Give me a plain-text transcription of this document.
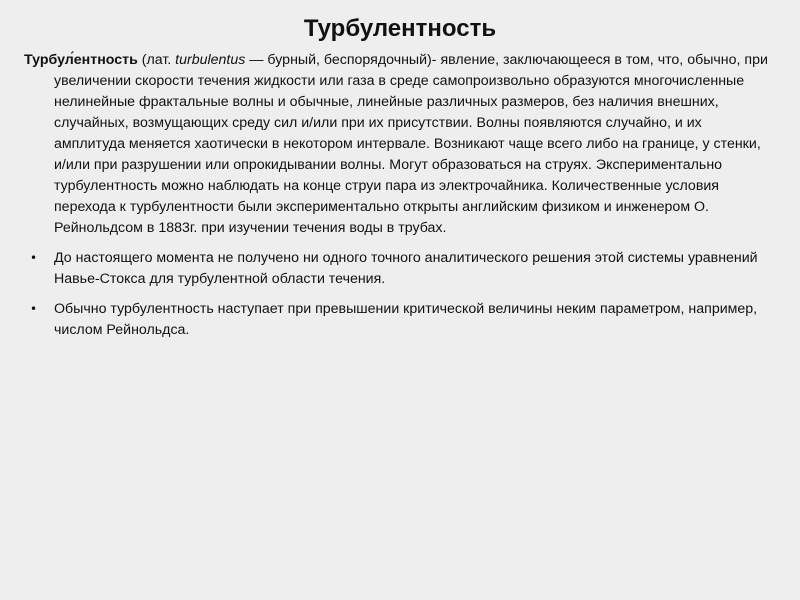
Турбулентность

Турбул́ентность (лат. turbulentus — бурный, беспорядочный)- явление, заключающееся в том, что, обычно, при увеличении скорости течения жидкости или газа в среде самопроизвольно образуются многочисленные нелинейные фрактальные волны и обычные, линейные различных размеров, без наличия внешних, случайных, возмущающих среду сил и/или при их присутствии. Волны появляются случайно, и их амплитуда меняется хаотически в некотором интервале. Возникают чаще всего либо на границе, у стенки, и/или при разрушении или опрокидывании волны. Могут образоваться на струях. Экспериментально турбулентность можно наблюдать на конце струи пара из электрочайника. Количественные условия перехода к турбулентности были экспериментально открыты английским физиком и инженером О. Рейнольдсом в 1883г. при изучении течения воды в трубах.

• До настоящего момента не получено ни одного точного аналитического решения этой системы уравнений Навье-Стокса для турбулентной области течения.

• Обычно турбулентность наступает при превышении критической величины неким параметром, например, числом Рейнольдса.
